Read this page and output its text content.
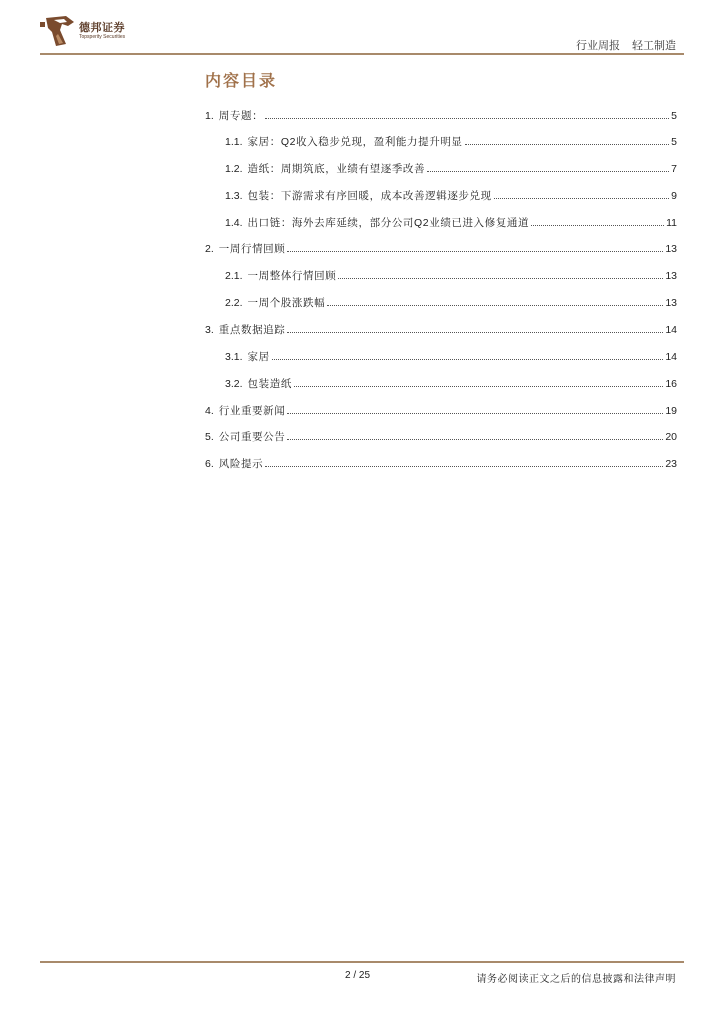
德邦证券
Topsperity Securities
行业周报 轻工制造
内容目录
1. 周专题：	5
1.1. 家居：Q2收入稳步兑现，盈利能力提升明显	5
1.2. 造纸：周期筑底，业绩有望逐季改善	7
1.3. 包装：下游需求有序回暖，成本改善逻辑逐步兑现	9
1.4. 出口链：海外去库延续，部分公司Q2业绩已进入修复通道	11
2. 一周行情回顾	13
2.1. 一周整体行情回顾	13
2.2. 一周个股涨跌幅	13
3. 重点数据追踪	14
3.1. 家居	14
3.2. 包装造纸	16
4. 行业重要新闻	19
5. 公司重要公告	20
6. 风险提示	23
2 / 25	请务必阅读正文之后的信息披露和法律声明
